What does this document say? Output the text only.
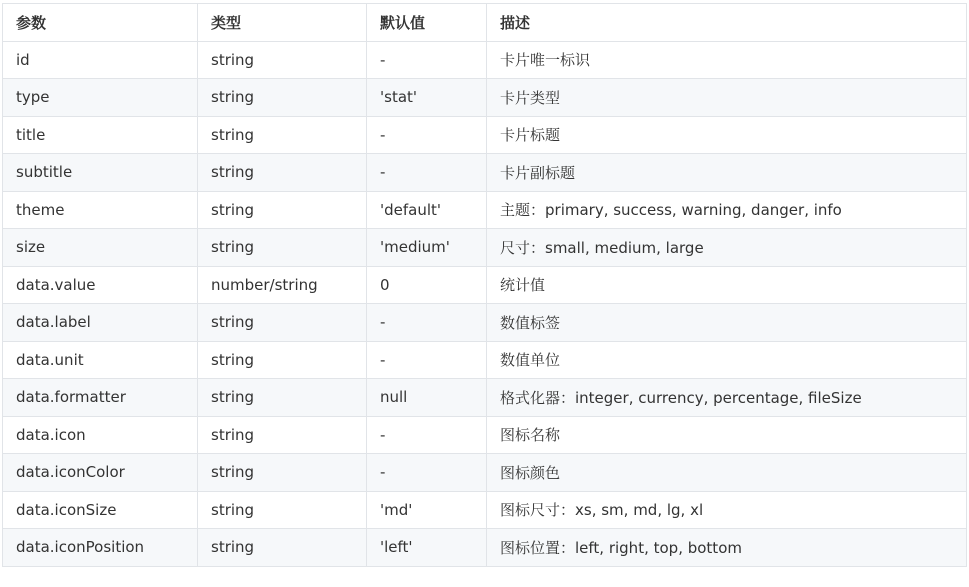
参数	类型	默认值	描述
id	string	-	卡片唯一标识
type	string	'stat'	卡片类型
title	string	-	卡片标题
subtitle	string	-	卡片副标题
theme	string	'default'	主题：primary, success, warning, danger, info
size	string	'medium'	尺寸：small, medium, large
data.value	number/string	0	统计值
data.label	string	-	数值标签
data.unit	string	-	数值单位
data.formatter	string	null	格式化器：integer, currency, percentage, fileSize
data.icon	string	-	图标名称
data.iconColor	string	-	图标颜色
data.iconSize	string	'md'	图标尺寸：xs, sm, md, lg, xl
data.iconPosition	string	'left'	图标位置：left, right, top, bottom
